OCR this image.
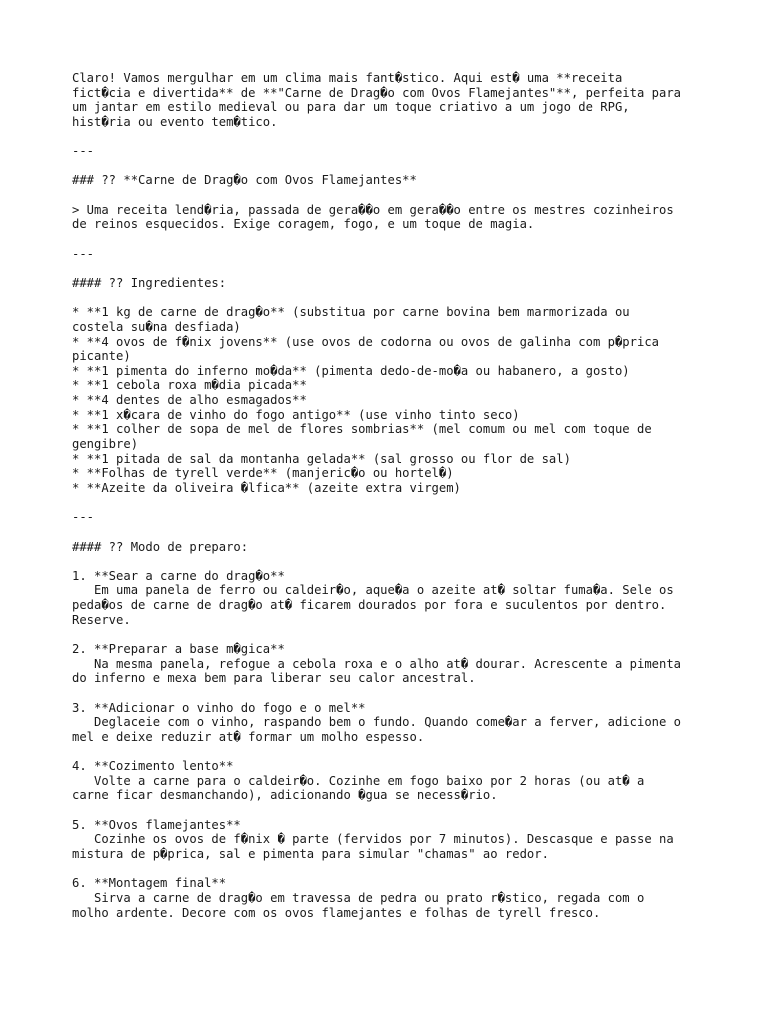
Claro! Vamos mergulhar em um clima mais fant�stico. Aqui est� uma **receita
fict�cia e divertida** de **"Carne de Drag�o com Ovos Flamejantes"**, perfeita para
um jantar em estilo medieval ou para dar um toque criativo a um jogo de RPG,
hist�ria ou evento tem�tico.
---
### ?? **Carne de Drag�o com Ovos Flamejantes**
> Uma receita lend�ria, passada de gera��o em gera��o entre os mestres cozinheiros
de reinos esquecidos. Exige coragem, fogo, e um toque de magia.
---
#### ?? Ingredientes:
* **1 kg de carne de drag�o** (substitua por carne bovina bem marmorizada ou
costela su�na desfiada)
* **4 ovos de f�nix jovens** (use ovos de codorna ou ovos de galinha com p�prica
picante)
* **1 pimenta do inferno mo�da** (pimenta dedo-de-mo�a ou habanero, a gosto)
* **1 cebola roxa m�dia picada**
* **4 dentes de alho esmagados**
* **1 x�cara de vinho do fogo antigo** (use vinho tinto seco)
* **1 colher de sopa de mel de flores sombrias** (mel comum ou mel com toque de
gengibre)
* **1 pitada de sal da montanha gelada** (sal grosso ou flor de sal)
* **Folhas de tyrell verde** (manjeric�o ou hortel�)
* **Azeite da oliveira �lfica** (azeite extra virgem)
---
#### ?? Modo de preparo:
1. **Sear a carne do drag�o**
Em uma panela de ferro ou caldeir�o, aque�a o azeite at� soltar fuma�a. Sele os
peda�os de carne de drag�o at� ficarem dourados por fora e suculentos por dentro.
Reserve.
2. **Preparar a base m�gica**
Na mesma panela, refogue a cebola roxa e o alho at� dourar. Acrescente a pimenta
do inferno e mexa bem para liberar seu calor ancestral.
3. **Adicionar o vinho do fogo e o mel**
Deglaceie com o vinho, raspando bem o fundo. Quando come�ar a ferver, adicione o
mel e deixe reduzir at� formar um molho espesso.
4. **Cozimento lento**
Volte a carne para o caldeir�o. Cozinhe em fogo baixo por 2 horas (ou at� a
carne ficar desmanchando), adicionando �gua se necess�rio.
5. **Ovos flamejantes**
Cozinhe os ovos de f�nix � parte (fervidos por 7 minutos). Descasque e passe na
mistura de p�prica, sal e pimenta para simular "chamas" ao redor.
6. **Montagem final**
Sirva a carne de drag�o em travessa de pedra ou prato r�stico, regada com o
molho ardente. Decore com os ovos flamejantes e folhas de tyrell fresco.
